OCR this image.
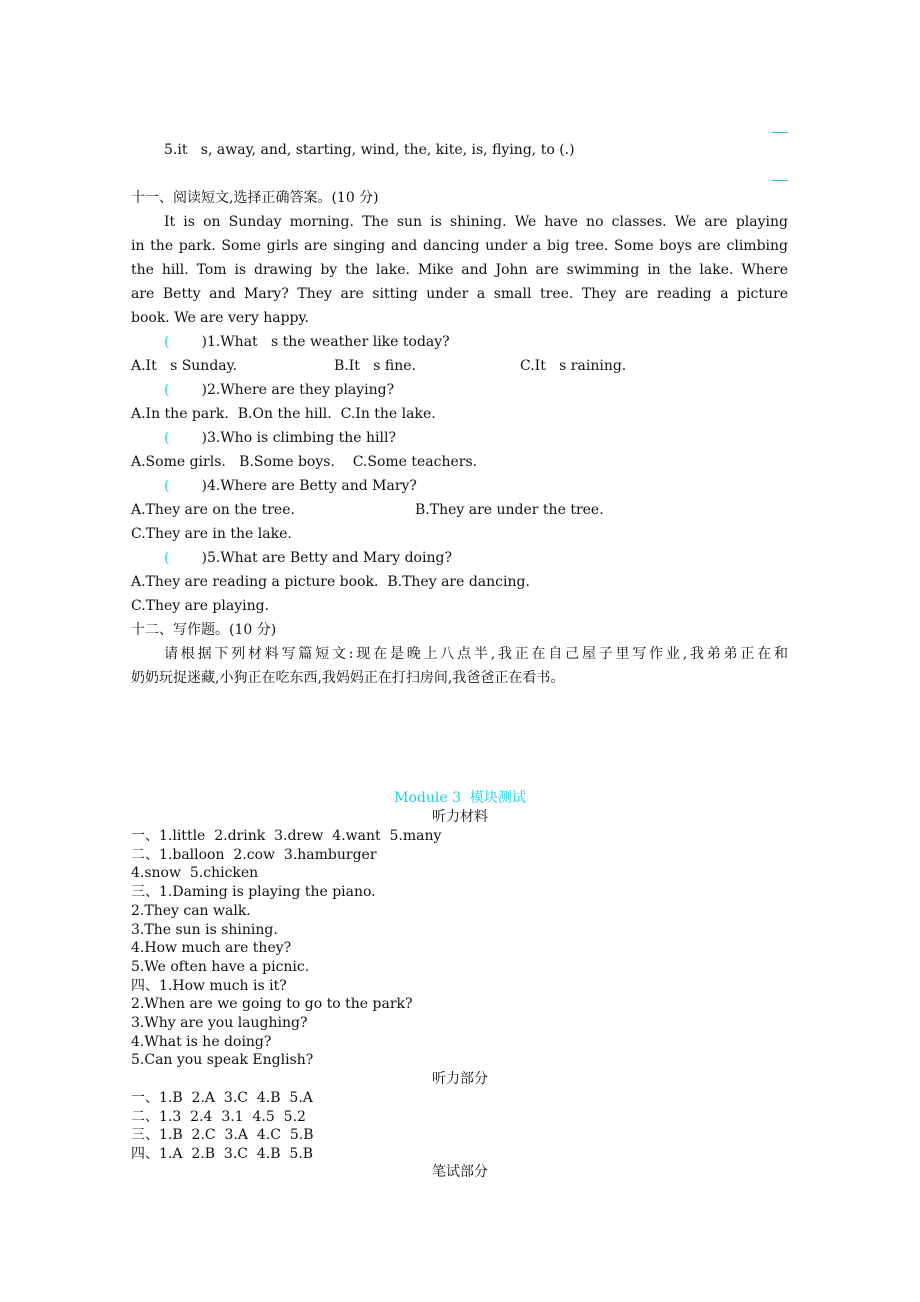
5.it   s, away, and, starting, wind, the, kite, is, flying, to (.)
十一、阅读短文,选择正确答案。(10 分)
It is on Sunday morning. The sun is shining. We have no classes. We are playing
in the park. Some girls are singing and dancing under a big tree. Some boys are climbing
the hill. Tom is drawing by the lake. Mike and John are swimming in the lake. Where
are Betty and Mary? They are sitting under a small tree. They are reading a picture
book. We are very happy.
( )1.What   s the weather like today?
A.It   s Sunday.	B.It   s fine.	C.It   s raining.
( )2.Where are they playing?
A.In the park.  B.On the hill.  C.In the lake.
( )3.Who is climbing the hill?
A.Some girls.   B.Some boys.    C.Some teachers.
( )4.Where are Betty and Mary?
A.They are on the tree.	B.They are under the tree.
C.They are in the lake.
( )5.What are Betty and Mary doing?
A.They are reading a picture book.  B.They are dancing.
C.They are playing.
十二、写作题。(10 分)
请根据下列材料写篇短文:现在是晚上八点半,我正在自己屋子里写作业,我弟弟正在和
奶奶玩捉迷藏,小狗正在吃东西,我妈妈正在打扫房间,我爸爸正在看书。
Module 3  模块测试
听力材料
一、1.little  2.drink  3.drew  4.want  5.many
二、1.balloon  2.cow  3.hamburger
4.snow  5.chicken
三、1.Daming is playing the piano.
2.They can walk.
3.The sun is shining.
4.How much are they?
5.We often have a picnic.
四、1.How much is it?
2.When are we going to go to the park?
3.Why are you laughing?
4.What is he doing?
5.Can you speak English?
听力部分
一、1.B  2.A  3.C  4.B  5.A
二、1.3  2.4  3.1  4.5  5.2
三、1.B  2.C  3.A  4.C  5.B
四、1.A  2.B  3.C  4.B  5.B
笔试部分
